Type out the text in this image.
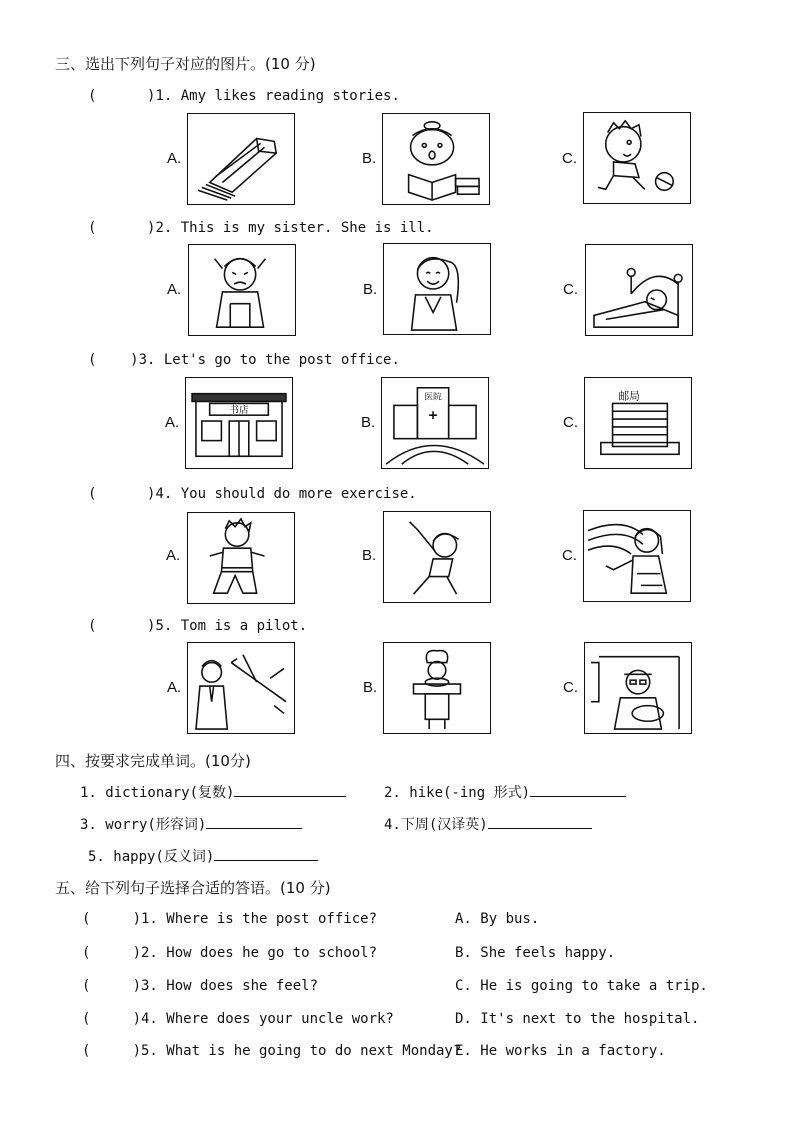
三、选出下列句子对应的图片。(10 分)
(      )1. Amy likes reading stories.
A.	B.	C.
(      )2. This is my sister. She is ill.
A.	B.	C.
(    )3. Let's go to the post office.
A.
书店
B.
医院
C.
邮局
(      )4. You should do more exercise.
A.	B.	C.
(      )5. Tom is a pilot.
A.	B.	C.
四、按要求完成单词。(10分)
1. dictionary(复数)	2. hike(-ing 形式)
3. worry(形容词)	4.下周(汉译英)
5. happy(反义词)
五、给下列句子选择合适的答语。(10 分)
(     )1. Where is the post office?	A. By bus.
(     )2. How does he go to school?	B. She feels happy.
(     )3. How does she feel?	C. He is going to take a trip.
(     )4. Where does your uncle work?	D. It's next to the hospital.
(     )5. What is he going to do next Monday?
E. He works in a factory.
